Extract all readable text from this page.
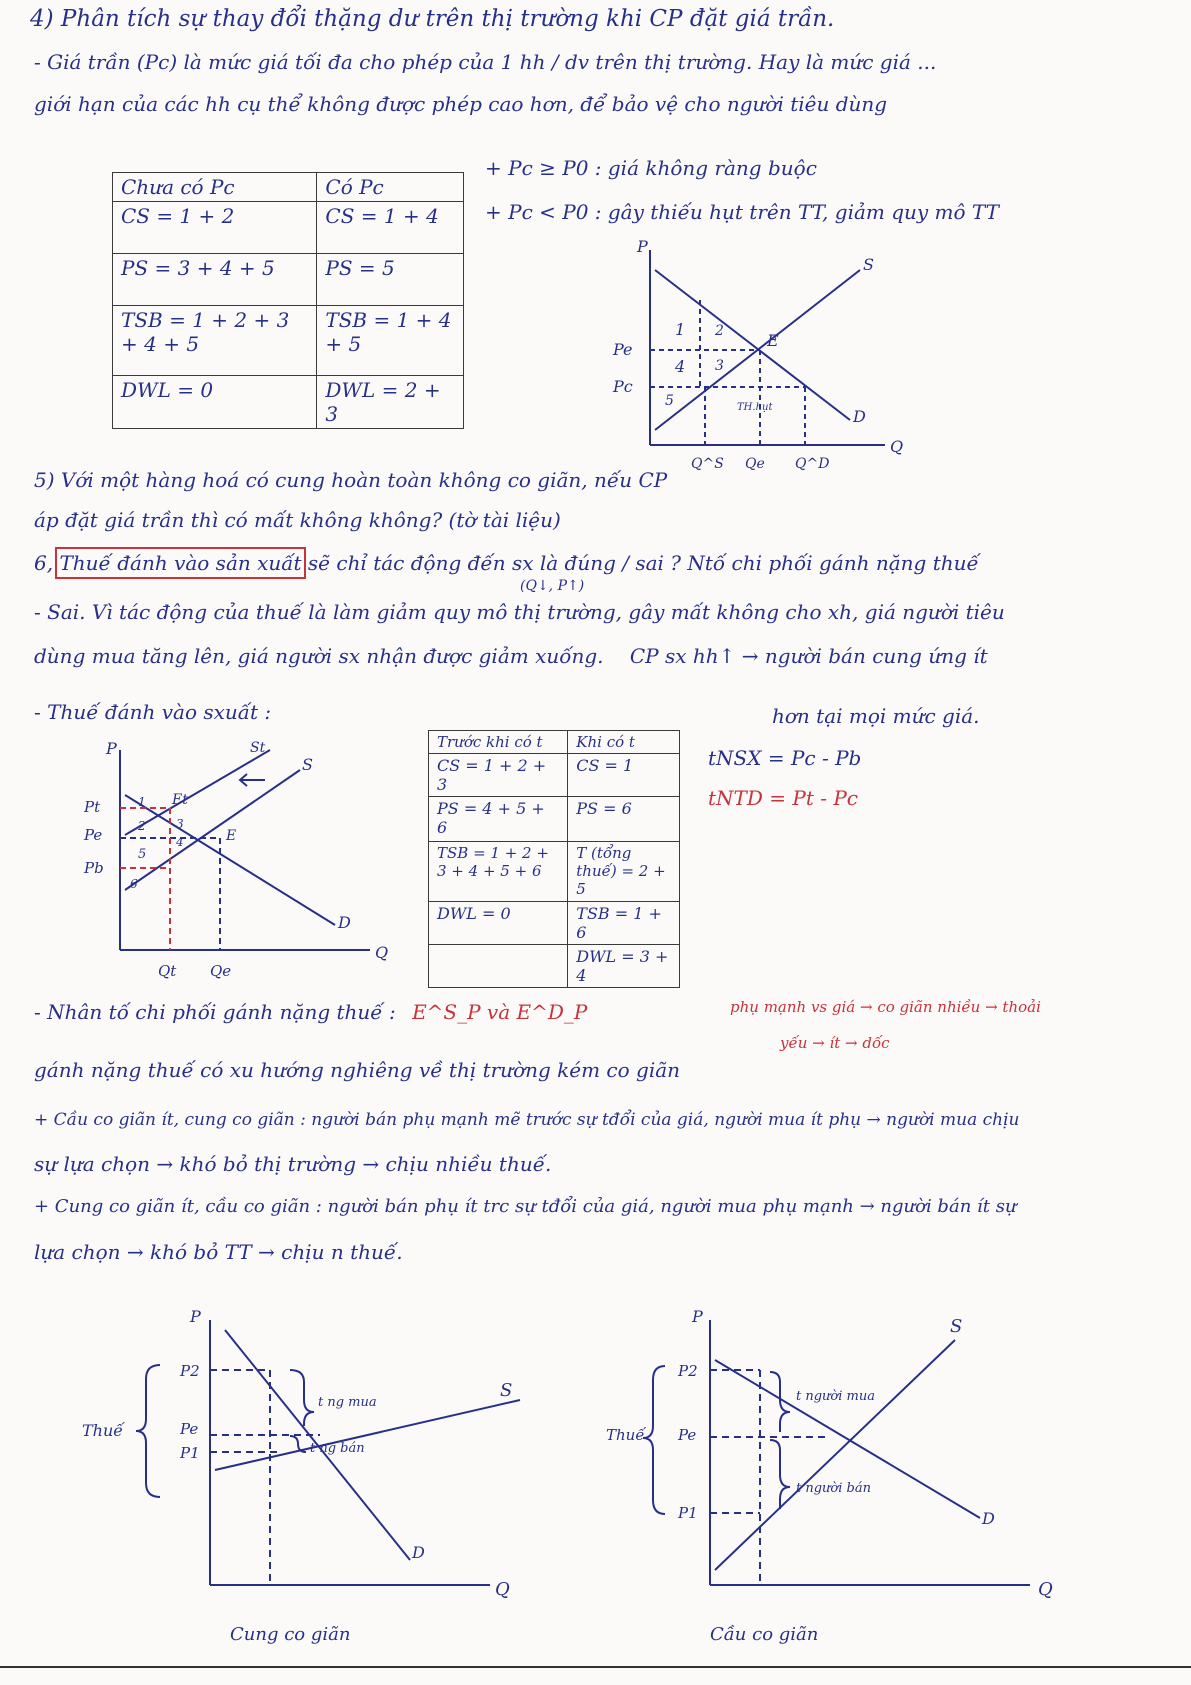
4) Phân tích sự thay đổi thặng dư trên thị trường khi CP đặt giá trần.
- Giá trần (Pc) là mức giá tối đa cho phép của 1 hh / dv trên thị trường. Hay là mức giá ...
giới hạn của các hh cụ thể không được phép cao hơn, để bảo vệ cho người tiêu dùng
+ Pc ≥ P0 : giá không ràng buộc
+ Pc < P0 : gây thiếu hụt trên TT, giảm quy mô TT
Chưa có Pc	Có Pc
CS = 1 + 2	CS = 1 + 4
PS = 3 + 4 + 5	PS = 5
TSB = 1 + 2 + 3 + 4 + 5	TSB = 1 + 4 + 5
DWL = 0	DWL = 2 + 3
P
Q
S
D
E
Pe
Pc
1 2
4 3
5	TH.hụt
Q^S Qe Q^D
5) Với một hàng hoá có cung hoàn toàn không co giãn, nếu CP
áp đặt giá trần thì có mất không không? (tờ tài liệu)
6, Thuế đánh vào sản xuất sẽ chỉ tác động đến sx là đúng / sai ? Ntố chi phối gánh nặng thuế
(Q↓, P↑)
- Sai. Vì tác động của thuế là làm giảm quy mô thị trường, gây mất không cho xh, giá người tiêu
dùng mua tăng lên, giá người sx nhận được giảm xuống. CP sx hh↑ → người bán cung ứng ít
- Thuế đánh vào sxuất :	hơn tại mọi mức giá.
P
Q
S
St
D
Et
E
Pt
Pe
Pb
1
2	3
4
5
6
Qt Qe
Trước khi có t	Khi có t
CS = 1 + 2 + 3	CS = 1
PS = 4 + 5 + 6	PS = 6
TSB = 1 + 2 + 3 + 4 + 5 + 6	T (tổng thuế) = 2 + 5
DWL = 0	TSB = 1 + 6
	DWL = 3 + 4
tNSX = Pc - Pb
tNTD = Pt - Pc
- Nhân tố chi phối gánh nặng thuế : E^S_P và E^D_P	phụ mạnh vs giá → co giãn nhiều → thoải
yếu → ít → dốc
gánh nặng thuế có xu hướng nghiêng về thị trường kém co giãn
+ Cầu co giãn ít, cung co giãn : người bán phụ mạnh mẽ trước sự tđổi của giá, người mua ít phụ → người mua chịu
sự lựa chọn → khó bỏ thị trường → chịu nhiều thuế.
+ Cung co giãn ít, cầu co giãn : người bán phụ ít trc sự tđổi của giá, người mua phụ mạnh → người bán ít sự
lựa chọn → khó bỏ TT → chịu n thuế.
P
Q
S
D
P2
Pe
P1
Thuế
t ng mua
t ng bán
Cung co giãn
P
Q
S
D
P2
Pe
P1
Thuế
t người mua
t người bán
Cầu co giãn
